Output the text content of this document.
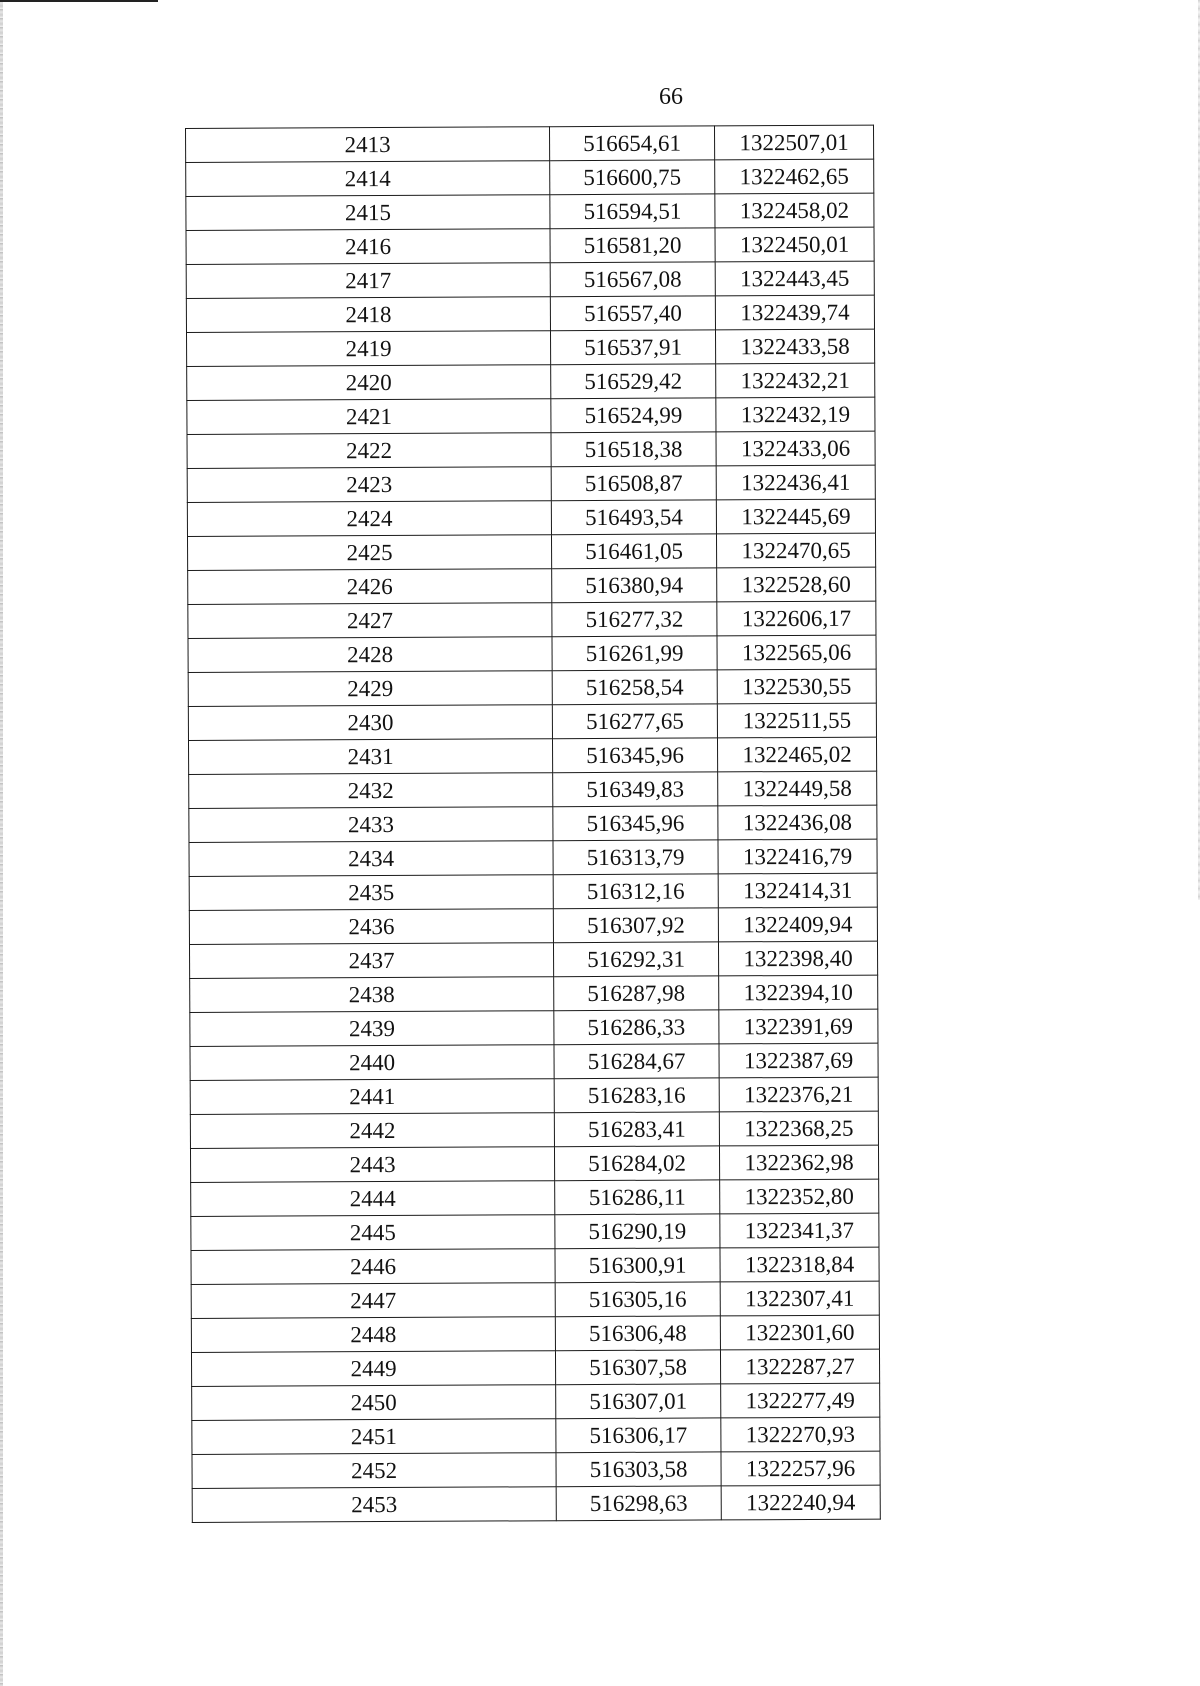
66
2413	516654,61	1322507,01
2414	516600,75	1322462,65
2415	516594,51	1322458,02
2416	516581,20	1322450,01
2417	516567,08	1322443,45
2418	516557,40	1322439,74
2419	516537,91	1322433,58
2420	516529,42	1322432,21
2421	516524,99	1322432,19
2422	516518,38	1322433,06
2423	516508,87	1322436,41
2424	516493,54	1322445,69
2425	516461,05	1322470,65
2426	516380,94	1322528,60
2427	516277,32	1322606,17
2428	516261,99	1322565,06
2429	516258,54	1322530,55
2430	516277,65	1322511,55
2431	516345,96	1322465,02
2432	516349,83	1322449,58
2433	516345,96	1322436,08
2434	516313,79	1322416,79
2435	516312,16	1322414,31
2436	516307,92	1322409,94
2437	516292,31	1322398,40
2438	516287,98	1322394,10
2439	516286,33	1322391,69
2440	516284,67	1322387,69
2441	516283,16	1322376,21
2442	516283,41	1322368,25
2443	516284,02	1322362,98
2444	516286,11	1322352,80
2445	516290,19	1322341,37
2446	516300,91	1322318,84
2447	516305,16	1322307,41
2448	516306,48	1322301,60
2449	516307,58	1322287,27
2450	516307,01	1322277,49
2451	516306,17	1322270,93
2452	516303,58	1322257,96
2453	516298,63	1322240,94
